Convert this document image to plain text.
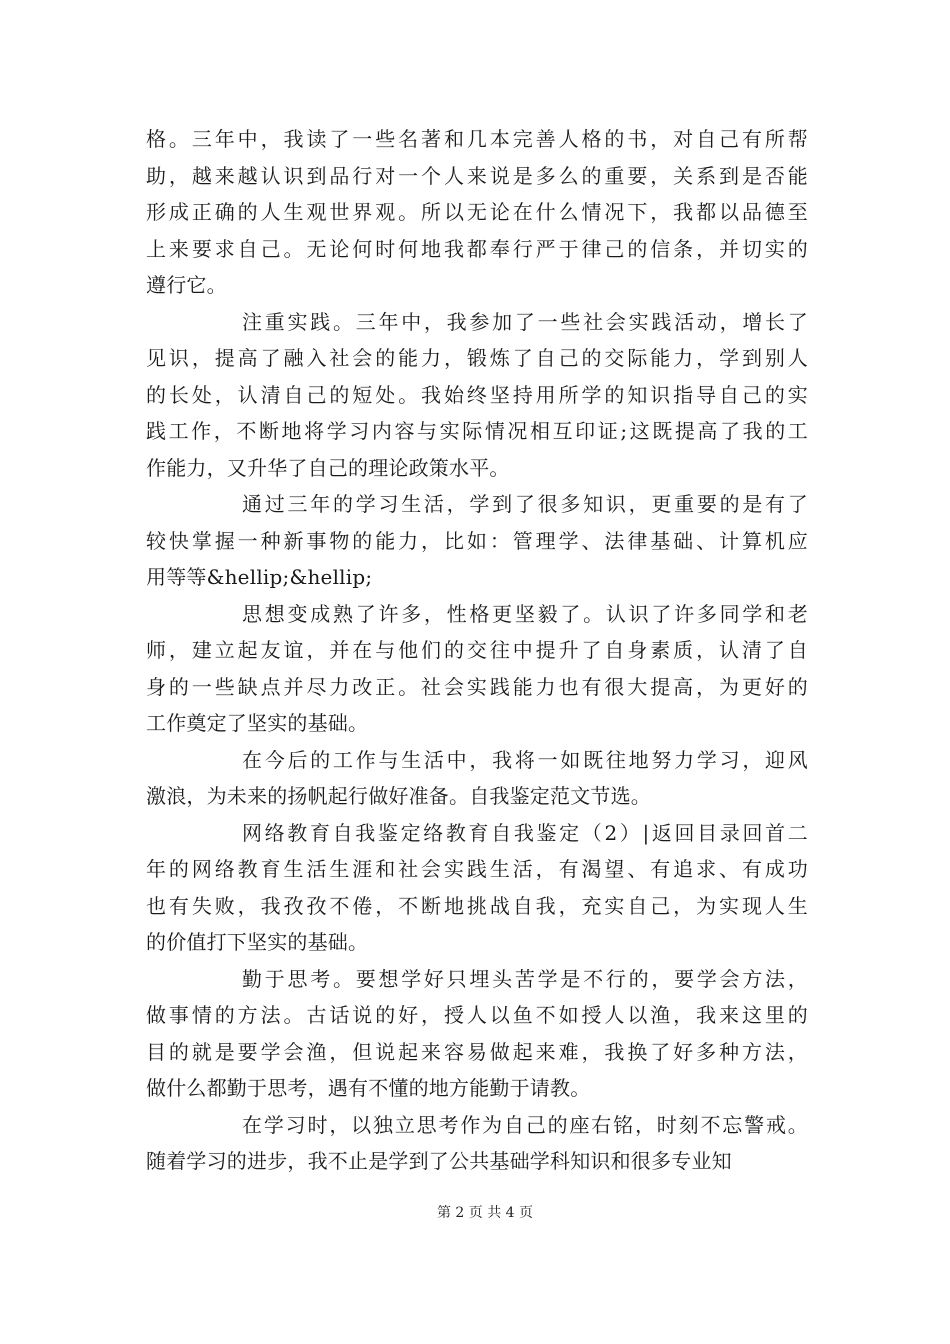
格。三年中，我读了一些名著和几本完善人格的书，对自己有所帮
助，越来越认识到品行对一个人来说是多么的重要，关系到是否能
形成正确的人生观世界观。所以无论在什么情况下，我都以品德至
上来要求自己。无论何时何地我都奉行严于律己的信条，并切实的
遵行它。
注重实践。三年中，我参加了一些社会实践活动，增长了
见识，提高了融入社会的能力，锻炼了自己的交际能力，学到别人
的长处，认清自己的短处。我始终坚持用所学的知识指导自己的实
践工作，不断地将学习内容与实际情况相互印证;这既提高了我的工
作能力，又升华了自己的理论政策水平。
通过三年的学习生活，学到了很多知识，更重要的是有了
较快掌握一种新事物的能力，比如：管理学、法律基础、计算机应
用等等&hellip;&hellip;
思想变成熟了许多，性格更坚毅了。认识了许多同学和老
师，建立起友谊，并在与他们的交往中提升了自身素质，认清了自
身的一些缺点并尽力改正。社会实践能力也有很大提高，为更好的
工作奠定了坚实的基础。
在今后的工作与生活中，我将一如既往地努力学习，迎风
激浪，为未来的扬帆起行做好准备。自我鉴定范文节选。
网络教育自我鉴定络教育自我鉴定（2）|返回目录回首二
年的网络教育生活生涯和社会实践生活，有渴望、有追求、有成功
也有失败，我孜孜不倦，不断地挑战自我，充实自己，为实现人生
的价值打下坚实的基础。
勤于思考。要想学好只埋头苦学是不行的，要学会方法，
做事情的方法。古话说的好，授人以鱼不如授人以渔，我来这里的
目的就是要学会渔，但说起来容易做起来难，我换了好多种方法，
做什么都勤于思考，遇有不懂的地方能勤于请教。
在学习时，以独立思考作为自己的座右铭，时刻不忘警戒。
随着学习的进步，我不止是学到了公共基础学科知识和很多专业知
第 2 页 共 4 页
